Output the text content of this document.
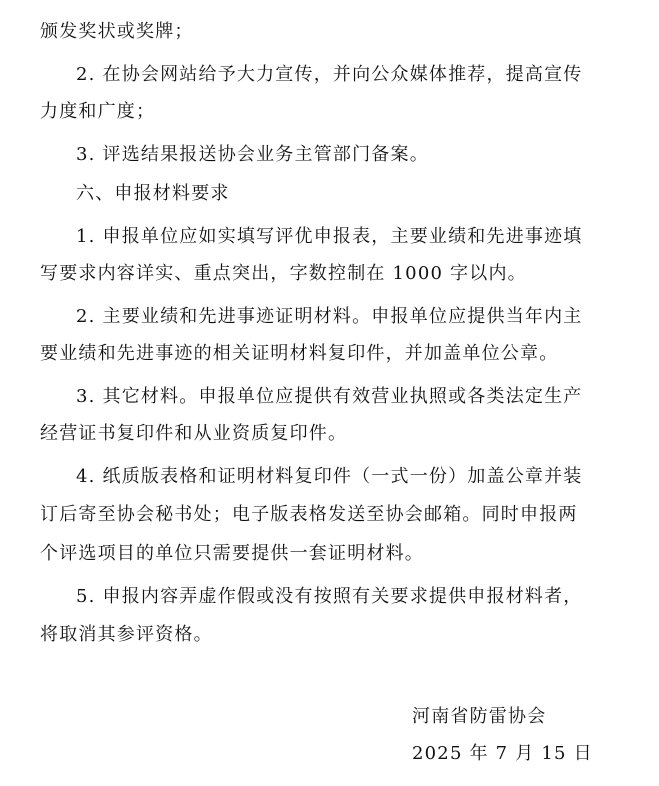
颁发奖状或奖牌；
2. 在协会网站给予大力宣传，并向公众媒体推荐，提高宣传
力度和广度；
3. 评选结果报送协会业务主管部门备案。
六、申报材料要求
1. 申报单位应如实填写评优申报表，主要业绩和先进事迹填
写要求内容详实、重点突出，字数控制在 1000 字以内。
2. 主要业绩和先进事迹证明材料。申报单位应提供当年内主
要业绩和先进事迹的相关证明材料复印件，并加盖单位公章。
3. 其它材料。申报单位应提供有效营业执照或各类法定生产
经营证书复印件和从业资质复印件。
4. 纸质版表格和证明材料复印件（一式一份）加盖公章并装
订后寄至协会秘书处；电子版表格发送至协会邮箱。同时申报两
个评选项目的单位只需要提供一套证明材料。
5. 申报内容弄虚作假或没有按照有关要求提供申报材料者，
将取消其参评资格。
河南省防雷协会
2025 年 7 月 15 日
